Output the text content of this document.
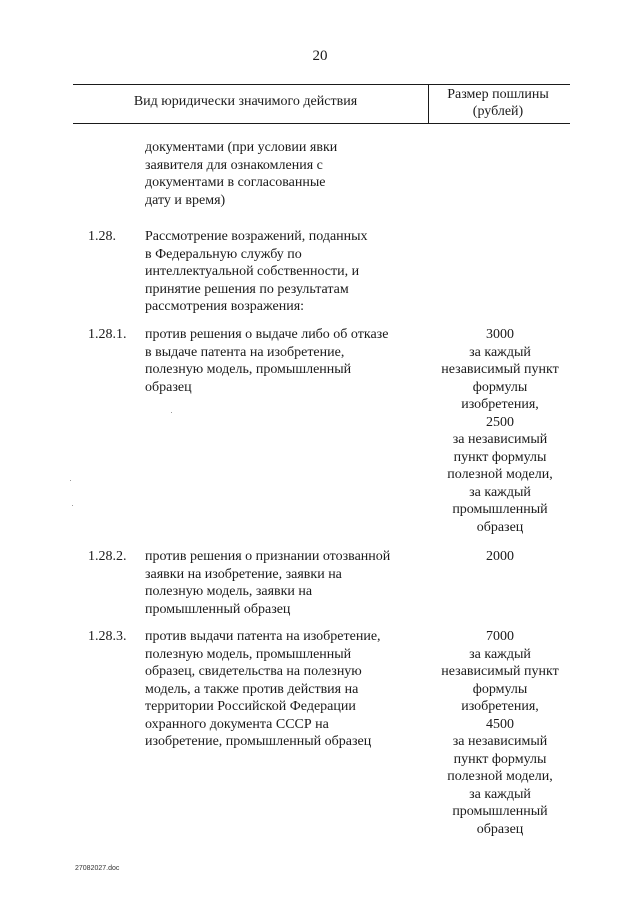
20
Вид юридически значимого действия	Размер пошлины
(рублей)
документами (при условии явки
заявителя для ознакомления с
документами в согласованные
дату и время)
1.28. Рассмотрение возражений, поданных
в Федеральную службу по
интеллектуальной собственности, и
принятие решения по результатам
рассмотрения возражения:
1.28.1. против решения о выдаче либо об отказе
в выдаче патента на изобретение,
полезную модель, промышленный
образец
3000
за каждый
независимый пункт
формулы
изобретения,
2500
за независимый
пункт формулы
полезной модели,
за каждый
промышленный
образец
1.28.2. против решения о признании отозванной
заявки на изобретение, заявки на
полезную модель, заявки на
промышленный образец
2000
1.28.3. против выдачи патента на изобретение,
полезную модель, промышленный
образец, свидетельства на полезную
модель, а также против действия на
территории Российской Федерации
охранного документа СССР на
изобретение, промышленный образец
7000
за каждый
независимый пункт
формулы
изобретения,
4500
за независимый
пункт формулы
полезной модели,
за каждый
промышленный
образец
27082027.doc
